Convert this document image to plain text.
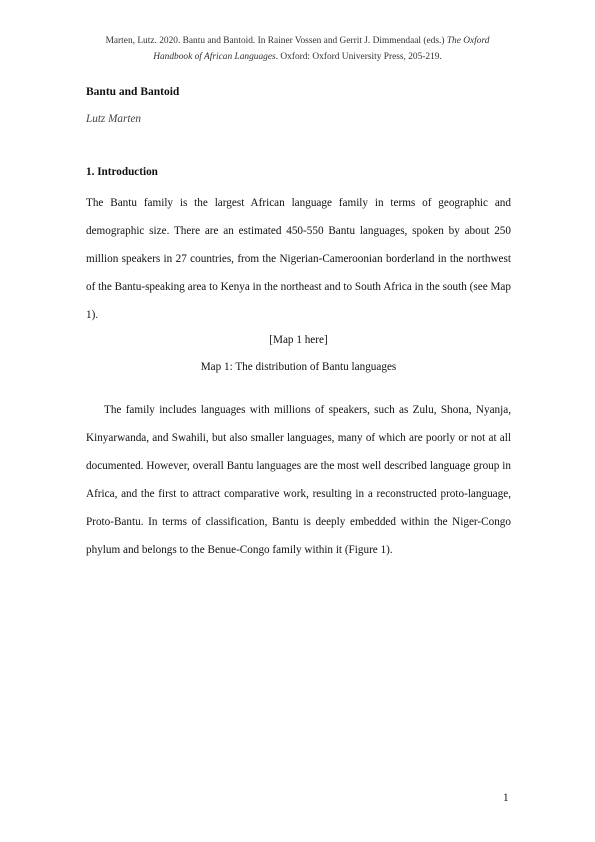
Marten, Lutz. 2020. Bantu and Bantoid. In Rainer Vossen and Gerrit J. Dimmendaal (eds.) The Oxford
Handbook of African Languages. Oxford: Oxford University Press, 205-219.
Bantu and Bantoid
Lutz Marten
1. Introduction

The Bantu family is the largest African language family in terms of geographic and demographic size. There are an estimated 450-550 Bantu languages, spoken by about 250 million speakers in 27 countries, from the Nigerian-Cameroonian borderland in the northwest of the Bantu-speaking area to Kenya in the northeast and to South Africa in the south (see Map 1).

[Map 1 here]
Map 1: The distribution of Bantu languages

The family includes languages with millions of speakers, such as Zulu, Shona, Nyanja, Kinyarwanda, and Swahili, but also smaller languages, many of which are poorly or not at all documented. However, overall Bantu languages are the most well described language group in Africa, and the first to attract comparative work, resulting in a reconstructed proto-language, Proto-Bantu. In terms of classification, Bantu is deeply embedded within the Niger-Congo phylum and belongs to the Benue-Congo family within it (Figure 1).

1
